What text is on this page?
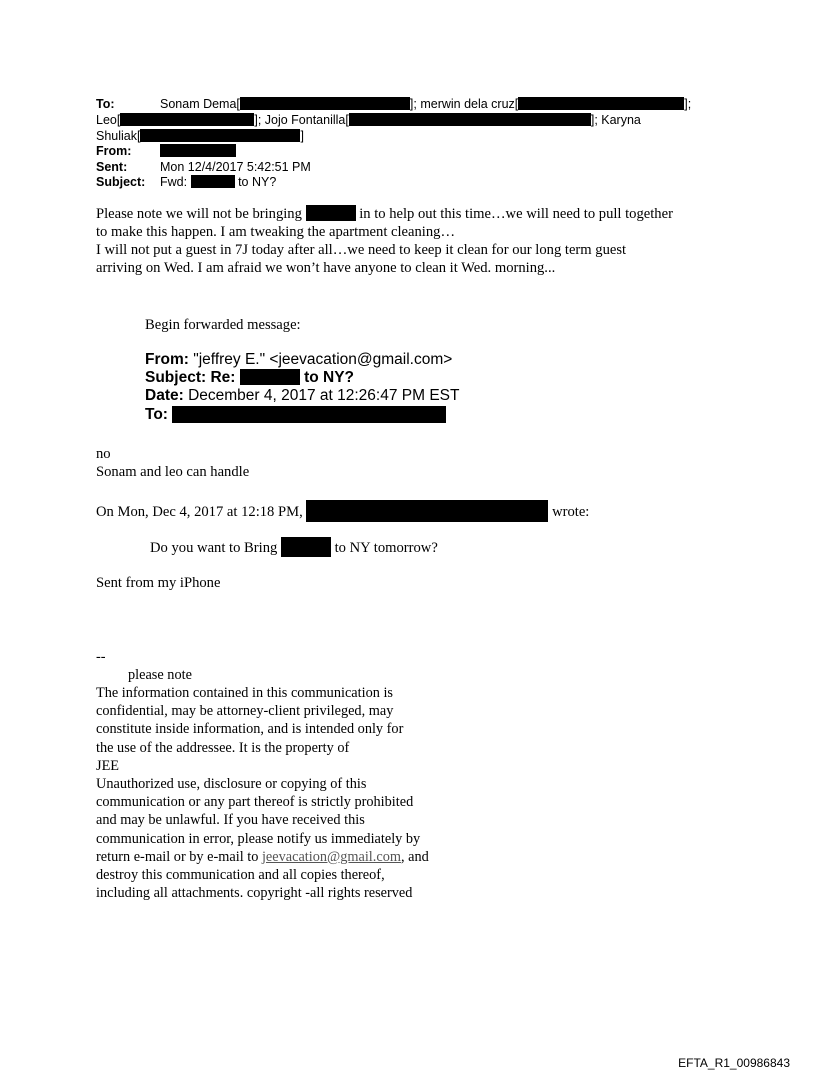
To:	Sonam Dema[	]; merwin dela cruz[	];
Leo[	]; Jojo Fontanilla[	]; Karyna
Shuliak[	]
From:
Sent:	Mon 12/4/2017 5:42:51 PM
Subject: Fwd:	to NY?
Please note we will not be bringing	in to help out this time…we will need to pull together
to make this happen. I am tweaking the apartment cleaning…
I will not put a guest in 7J today after all…we need to keep it clean for our long term guest
arriving on Wed. I am afraid we won’t have anyone to clean it Wed. morning...
Begin forwarded message:
From: "jeffrey E." <jeevacation@gmail.com>
Subject: Re:	to NY?
Date: December 4, 2017 at 12:26:47 PM EST
To:
no
Sonam and leo can handle
On Mon, Dec 4, 2017 at 12:18 PM,	wrote:
Do you want to Bring	to NY tomorrow?
Sent from my iPhone
--
please note
The information contained in this communication is
confidential, may be attorney-client privileged, may
constitute inside information, and is intended only for
the use of the addressee. It is the property of
JEE
Unauthorized use, disclosure or copying of this
communication or any part thereof is strictly prohibited
and may be unlawful. If you have received this
communication in error, please notify us immediately by
return e-mail or by e-mail to jeevacation@gmail.com, and
destroy this communication and all copies thereof,
including all attachments. copyright -all rights reserved
EFTA_R1_00986843
